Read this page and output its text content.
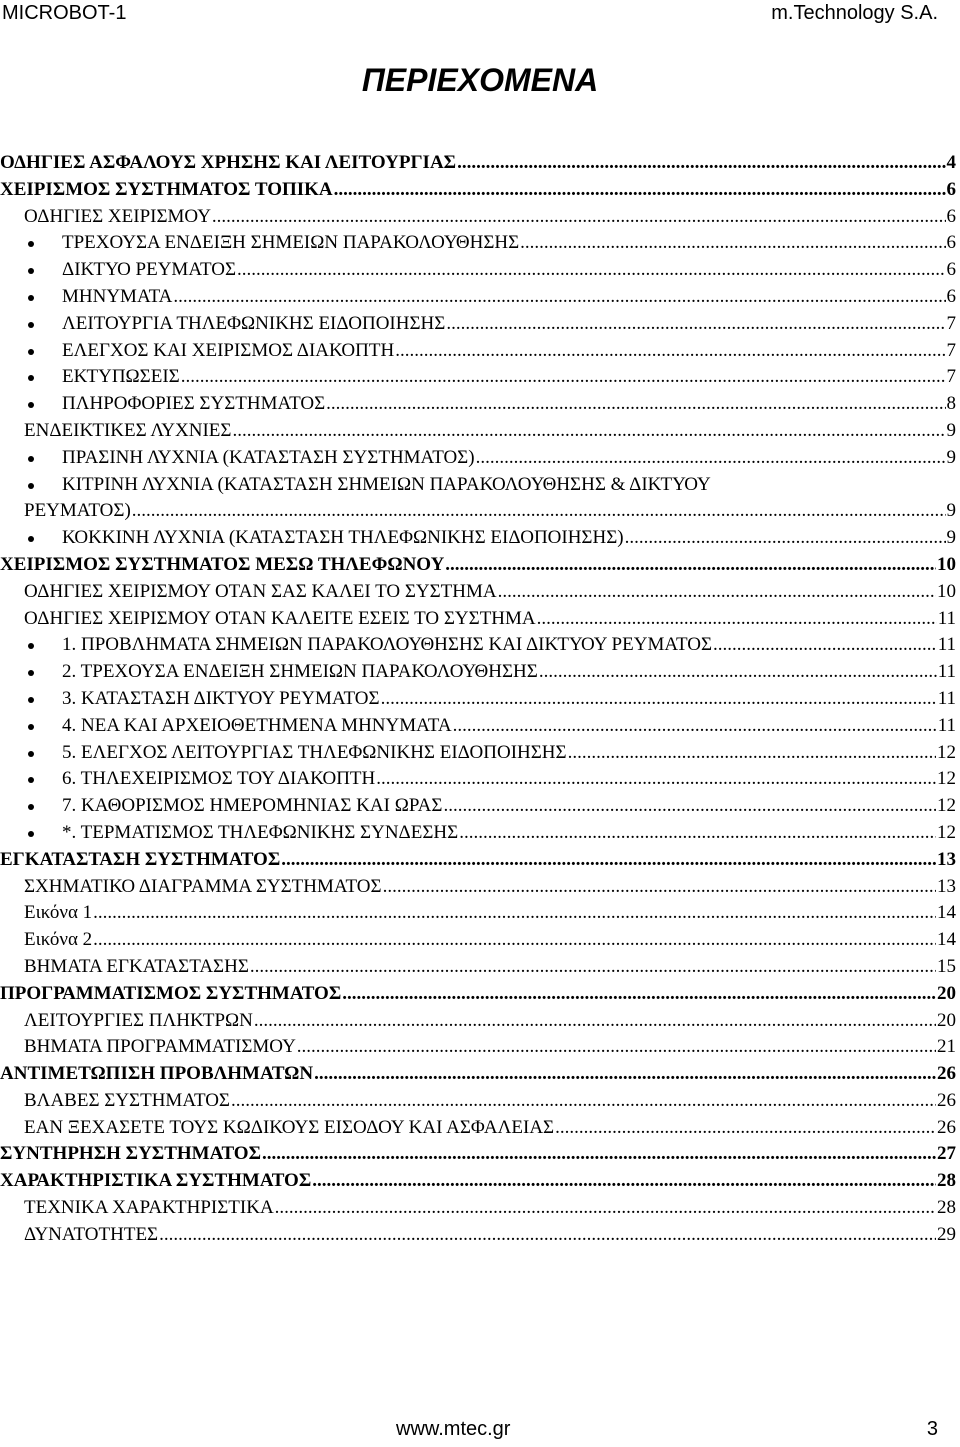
MICROBOT-1	m.Technology S.A.
ΠΕΡΙΕΧΟΜΕΝΑ
ΟΔΗΓΙΕΣ ΑΣΦΑΛΟΥΣ ΧΡΗΣΗΣ ΚΑΙ ΛΕΙΤΟΥΡΓΙΑΣ .....	4
ΧΕΙΡΙΣΜΟΣ ΣΥΣΤΗΜΑΤΟΣ ΤΟΠΙΚΑ .....	6
ΟΔΗΓΙΕΣ ΧΕΙΡΙΣΜΟΥ .....	6
ΤΡΕΧΟΥΣΑ ΕΝΔΕΙΞΗ ΣΗΜΕΙΩΝ ΠΑΡΑΚΟΛΟΥΘΗΣΗΣ .....	6
ΔΙΚΤΥΟ ΡΕΥΜΑΤΟΣ .....	6
ΜΗΝΥΜΑΤΑ .....	6
ΛΕΙΤΟΥΡΓΙΑ ΤΗΛΕΦΩΝΙΚΗΣ ΕΙΔΟΠΟΙΗΣΗΣ .....	7
ΕΛΕΓΧΟΣ ΚΑΙ ΧΕΙΡΙΣΜΟΣ ΔΙΑΚΟΠΤΗ .....	7
ΕΚΤΥΠΩΣΕΙΣ .....	7
ΠΛΗΡΟΦΟΡΙΕΣ ΣΥΣΤΗΜΑΤΟΣ .....	8
ΕΝΔΕΙΚΤΙΚΕΣ ΛΥΧΝΙΕΣ .....	9
ΠΡΑΣΙΝΗ ΛΥΧΝΙΑ (ΚΑΤΑΣΤΑΣΗ ΣΥΣΤΗΜΑΤΟΣ) .....	9
ΚΙΤΡΙΝΗ ΛΥΧΝΙΑ (ΚΑΤΑΣΤΑΣΗ ΣΗΜΕΙΩΝ ΠΑΡΑΚΟΛΟΥΘΗΣΗΣ & ΔΙΚΤΥΟΥ
ΡΕΥΜΑΤΟΣ) .....	9
ΚΟΚΚΙΝΗ ΛΥΧΝΙΑ (ΚΑΤΑΣΤΑΣΗ ΤΗΛΕΦΩΝΙΚΗΣ ΕΙΔΟΠΟΙΗΣΗΣ) .....	9
ΧΕΙΡΙΣΜΟΣ ΣΥΣΤΗΜΑΤΟΣ ΜΕΣΩ ΤΗΛΕΦΩΝΟΥ .....	10
ΟΔΗΓΙΕΣ ΧΕΙΡΙΣΜΟΥ ΟΤΑΝ ΣΑΣ ΚΑΛΕΙ ΤΟ ΣΥΣΤΗΜΑ .....	10
ΟΔΗΓΙΕΣ ΧΕΙΡΙΣΜΟΥ ΟΤΑΝ ΚΑΛΕΙΤΕ ΕΣΕΙΣ ΤΟ ΣΥΣΤΗΜΑ .....	11
1. ΠΡΟΒΛΗΜΑΤΑ ΣΗΜΕΙΩΝ ΠΑΡΑΚΟΛΟΥΘΗΣΗΣ ΚΑΙ ΔΙΚΤΥΟΥ ΡΕΥΜΑΤΟΣ .....	11
2. ΤΡΕΧΟΥΣΑ ΕΝΔΕΙΞΗ ΣΗΜΕΙΩΝ ΠΑΡΑΚΟΛΟΥΘΗΣΗΣ .....	11
3. ΚΑΤΑΣΤΑΣΗ ΔΙΚΤΥΟΥ ΡΕΥΜΑΤΟΣ .....	11
4. ΝΕΑ ΚΑΙ ΑΡΧΕΙΟΘΕΤΗΜΕΝΑ ΜΗΝΥΜΑΤΑ .....	11
5. ΕΛΕΓΧΟΣ ΛΕΙΤΟΥΡΓΙΑΣ ΤΗΛΕΦΩΝΙΚΗΣ ΕΙΔΟΠΟΙΗΣΗΣ .....	12
6. ΤΗΛΕΧΕΙΡΙΣΜΟΣ ΤΟΥ ΔΙΑΚΟΠΤΗ .....	12
7. ΚΑΘΟΡΙΣΜΟΣ ΗΜΕΡΟΜΗΝΙΑΣ ΚΑΙ ΩΡΑΣ .....	12
*. ΤΕΡΜΑΤΙΣΜΟΣ ΤΗΛΕΦΩΝΙΚΗΣ ΣΥΝΔΕΣΗΣ .....	12
ΕΓΚΑΤΑΣΤΑΣΗ ΣΥΣΤΗΜΑΤΟΣ .....	13
ΣΧΗΜΑΤΙΚΟ ΔΙΑΓΡΑΜΜΑ ΣΥΣΤΗΜΑΤΟΣ .....	13
Εικόνα 1 .....	14
Εικόνα 2 .....	14
ΒΗΜΑΤΑ ΕΓΚΑΤΑΣΤΑΣΗΣ .....	15
ΠΡΟΓΡΑΜΜΑΤΙΣΜΟΣ ΣΥΣΤΗΜΑΤΟΣ .....	20
ΛΕΙΤΟΥΡΓΙΕΣ ΠΛΗΚΤΡΩΝ .....	20
ΒΗΜΑΤΑ ΠΡΟΓΡΑΜΜΑΤΙΣΜΟΥ .....	21
ΑΝΤΙΜΕΤΩΠΙΣΗ ΠΡΟΒΛΗΜΑΤΩΝ .....	26
ΒΛΑΒΕΣ ΣΥΣΤΗΜΑΤΟΣ .....	26
ΕΑΝ ΞΕΧΑΣΕΤΕ ΤΟΥΣ ΚΩΔΙΚΟΥΣ ΕΙΣΟΔΟΥ ΚΑΙ ΑΣΦΑΛΕΙΑΣ .....	26
ΣΥΝΤΗΡΗΣΗ ΣΥΣΤΗΜΑΤΟΣ .....	27
ΧΑΡΑΚΤΗΡΙΣΤΙΚΑ ΣΥΣΤΗΜΑΤΟΣ .....	28
ΤΕΧΝΙΚΑ ΧΑΡΑΚΤΗΡΙΣΤΙΚΑ .....	28
ΔΥΝΑΤΟΤΗΤΕΣ .....	29
www.mtec.gr	3
